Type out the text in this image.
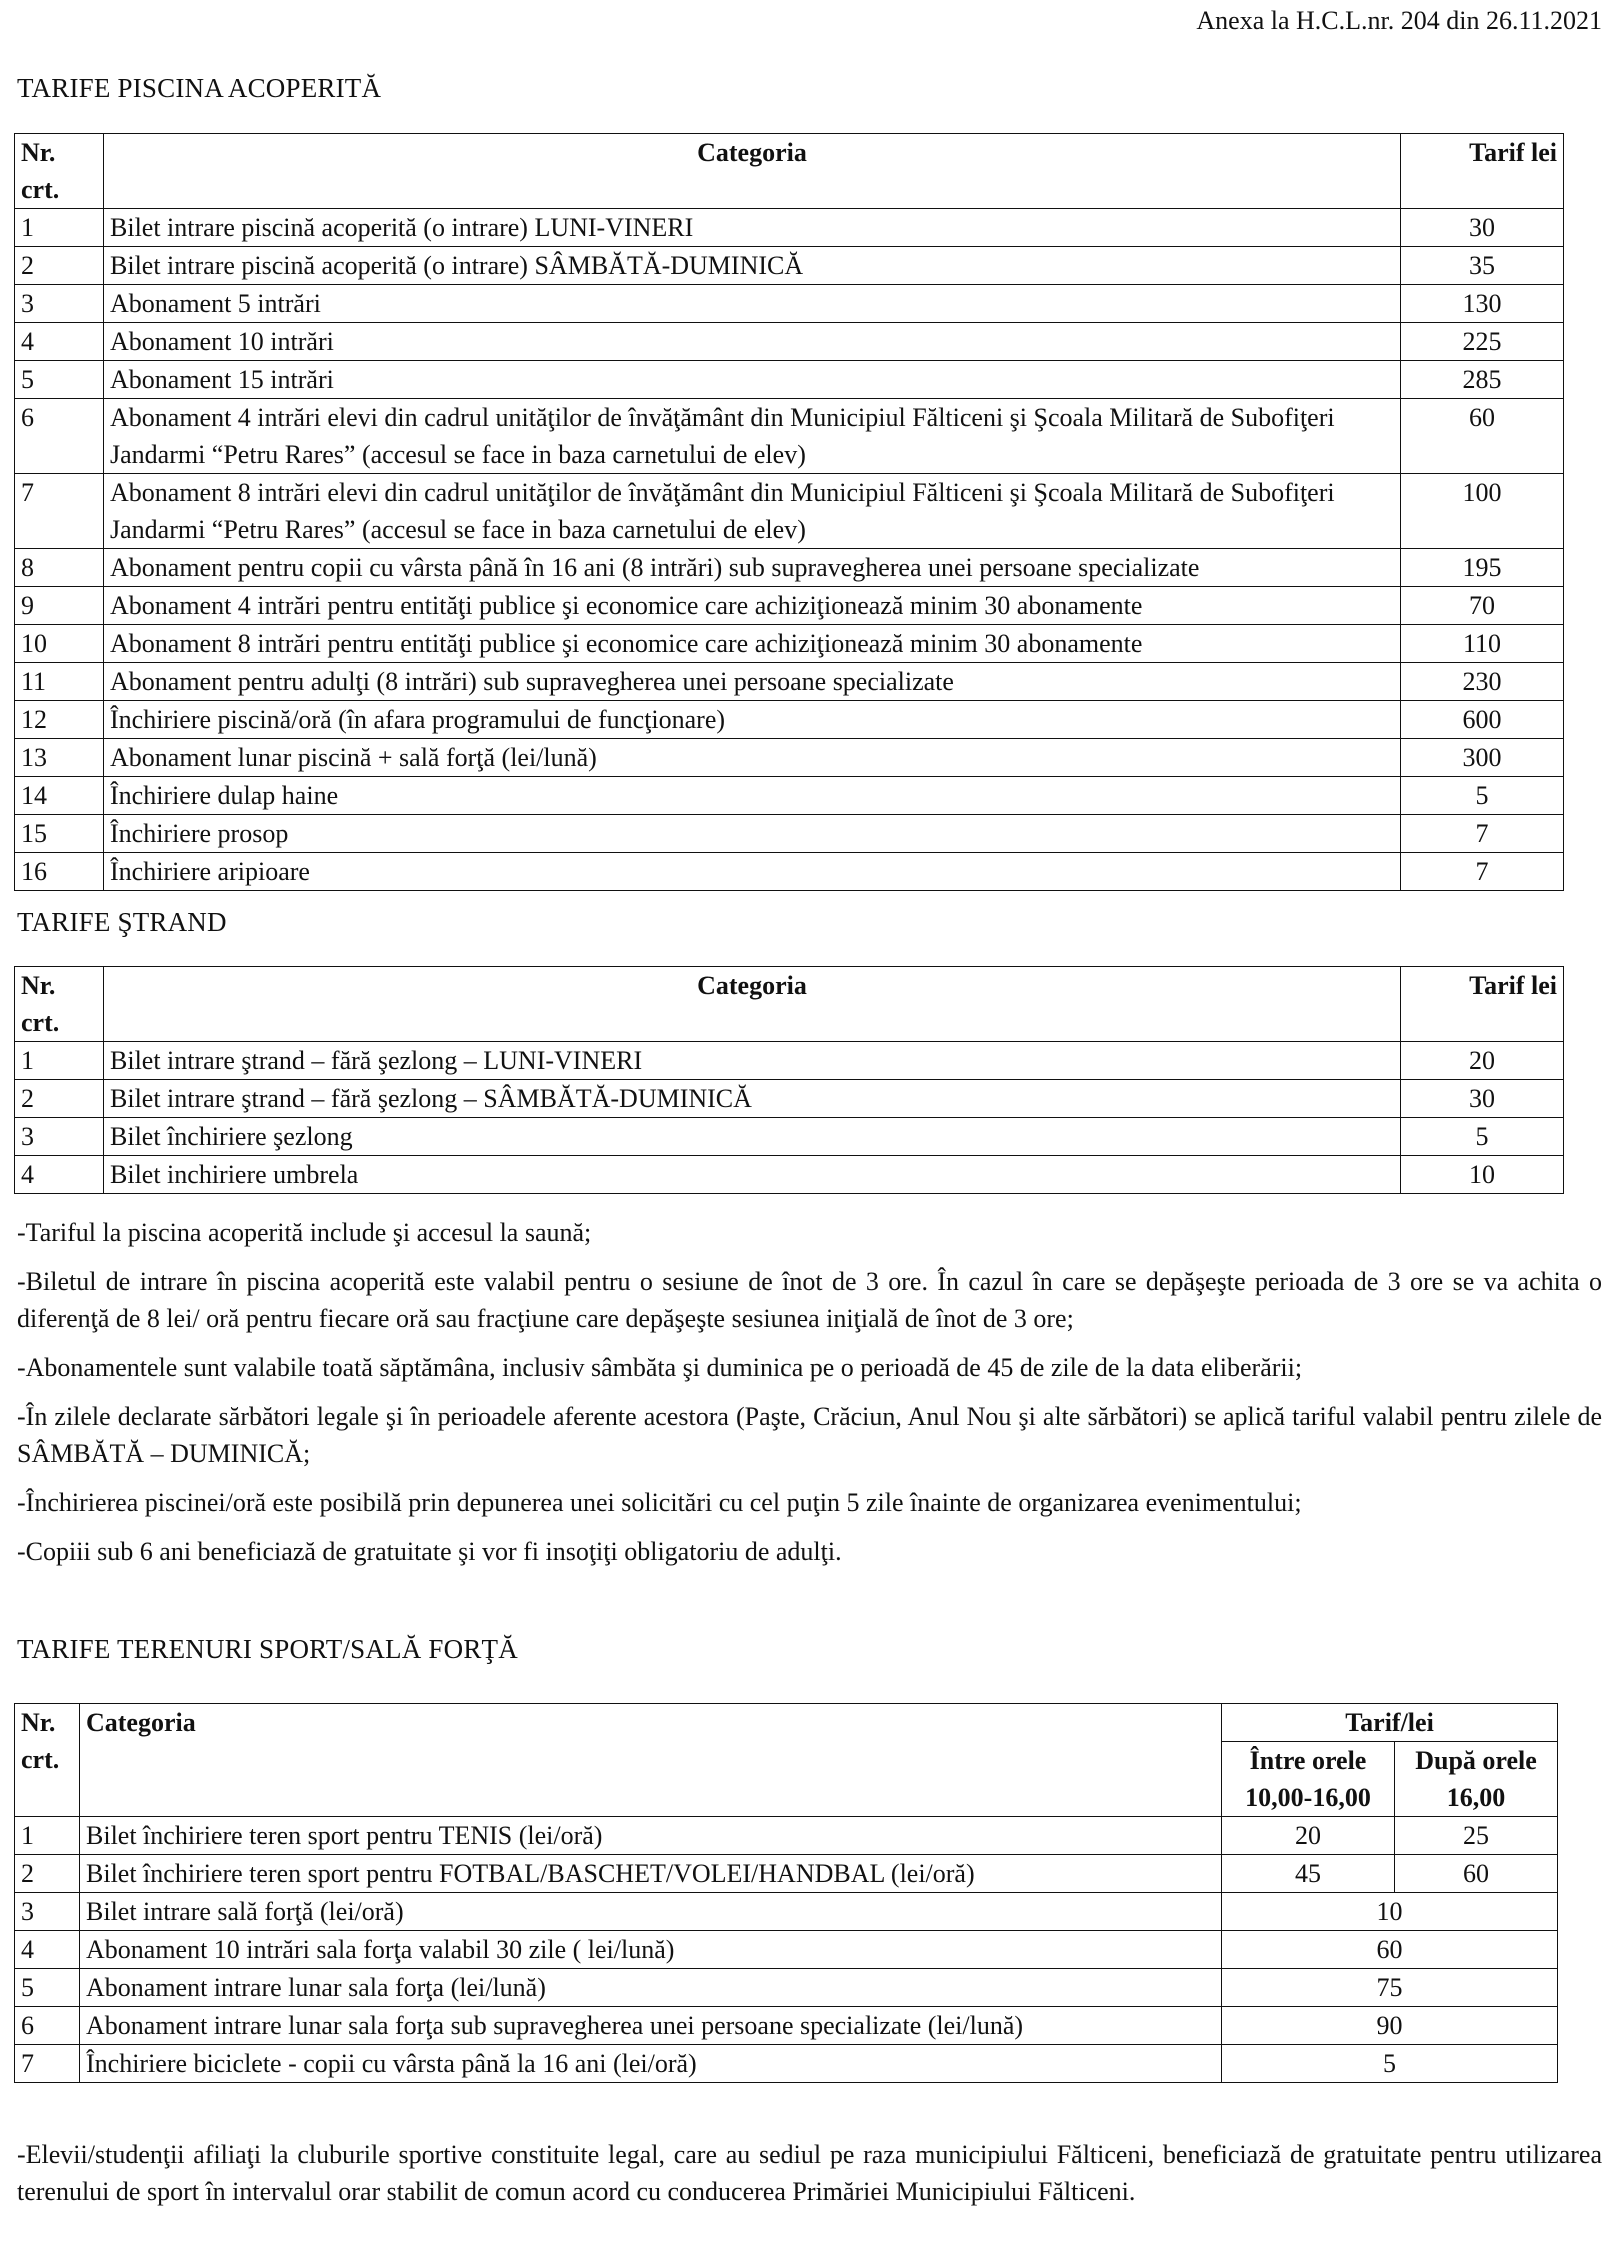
Anexa la H.C.L.nr. 204 din 26.11.2021
TARIFE PISCINA ACOPERITĂ
Nr. crt.	Categoria	Tarif lei
1	Bilet intrare piscină acoperită (o intrare) LUNI-VINERI	30
2	Bilet intrare piscină acoperită (o intrare) SÂMBĂTĂ-DUMINICĂ	35
3	Abonament 5 intrări	130
4	Abonament 10 intrări	225
5	Abonament 15 intrări	285
6	Abonament 4 intrări elevi din cadrul unităţilor de învăţământ din Municipiul Fălticeni şi Şcoala Militară de Subofiţeri Jandarmi “Petru Rares” (accesul se face in baza carnetului de elev)	60
7	Abonament 8 intrări elevi din cadrul unităţilor de învăţământ din Municipiul Fălticeni şi Şcoala Militară de Subofiţeri Jandarmi “Petru Rares” (accesul se face in baza carnetului de elev)	100
8	Abonament pentru copii cu vârsta până în 16 ani (8 intrări) sub supravegherea unei persoane specializate	195
9	Abonament 4 intrări pentru entităţi publice şi economice care achiziţionează minim 30 abonamente	70
10	Abonament 8 intrări pentru entităţi publice şi economice care achiziţionează minim 30 abonamente	110
11	Abonament pentru adulţi (8 intrări) sub supravegherea unei persoane specializate	230
12	Închiriere piscină/oră (în afara programului de funcţionare)	600
13	Abonament lunar piscină + sală forţă (lei/lună)	300
14	Închiriere dulap haine	5
15	Închiriere prosop	7
16	Închiriere aripioare	7
TARIFE ŞTRAND
Nr. crt.	Categoria	Tarif lei
1	Bilet intrare ştrand – fără şezlong – LUNI-VINERI	20
2	Bilet intrare ştrand – fără şezlong – SÂMBĂTĂ-DUMINICĂ	30
3	Bilet închiriere şezlong	5
4	Bilet inchiriere umbrela	10

-Tariful la piscina acoperită include şi accesul la saună;

-Biletul de intrare în piscina acoperită este valabil pentru o sesiune de înot de 3 ore. În cazul în care se depăşeşte perioada de 3 ore se va achita o diferenţă de 8 lei/ oră pentru fiecare oră sau fracţiune care depăşeşte sesiunea iniţială de înot de 3 ore;

-Abonamentele sunt valabile toată săptămâna, inclusiv sâmbăta şi duminica pe o perioadă de 45 de zile de la data eliberării;

-În zilele declarate sărbători legale şi în perioadele aferente acestora (Paşte, Crăciun, Anul Nou şi alte sărbători) se aplică tariful valabil pentru zilele de SÂMBĂTĂ – DUMINICĂ;

-Închirierea piscinei/oră este posibilă prin depunerea unei solicitări cu cel puţin 5 zile înainte de organizarea evenimentului;

-Copiii sub 6 ani beneficiază de gratuitate şi vor fi insoţiţi obligatoriu de adulţi.

TARIFE TERENURI SPORT/SALĂ FORŢĂ
Nr. crt.	Categoria	Tarif/lei	
		Între orele 10,00-16,00	După orele 16,00
1	Bilet închiriere teren sport pentru TENIS (lei/oră)	20	25
2	Bilet închiriere teren sport pentru FOTBAL/BASCHET/VOLEI/HANDBAL (lei/oră)	45	60
3	Bilet intrare sală forţă (lei/oră)	10	
4	Abonament 10 intrări sala forţa valabil 30 zile ( lei/lună)	60	
5	Abonament intrare lunar sala forţa (lei/lună)	75	
6	Abonament intrare lunar sala forţa sub supravegherea unei persoane specializate (lei/lună)	90	
7	Închiriere biciclete - copii cu vârsta până la 16 ani (lei/oră)	5	
-Elevii/studenţii afiliaţi la cluburile sportive constituite legal, care au sediul pe raza municipiului Fălticeni, beneficiază de gratuitate pentru utilizarea terenului de sport în intervalul orar stabilit de comun acord cu conducerea Primăriei Municipiului Fălticeni.
